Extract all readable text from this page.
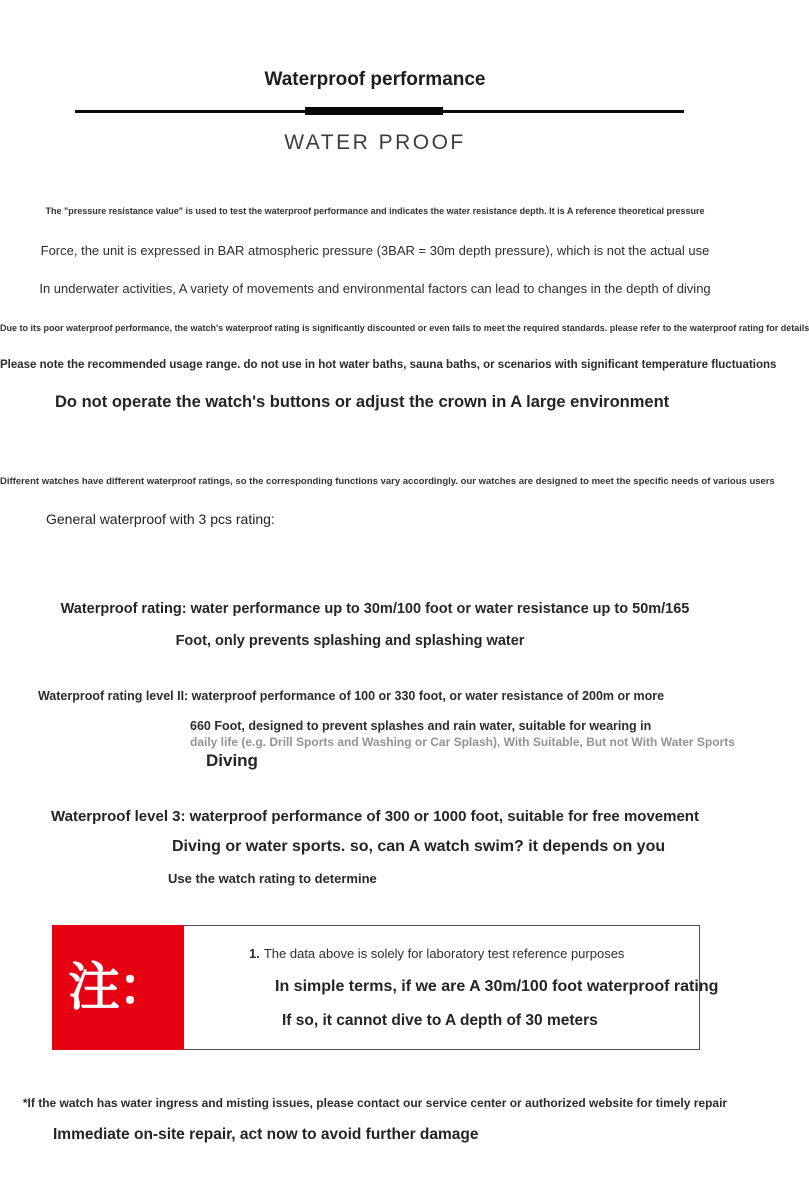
Waterproof performance
WATER PROOF
The "pressure resistance value" is used to test the waterproof performance and indicates the water resistance depth. It is A reference theoretical pressure
Force, the unit is expressed in BAR atmospheric pressure (3BAR = 30m depth pressure), which is not the actual use
In underwater activities, A variety of movements and environmental factors can lead to changes in the depth of diving
Due to its poor waterproof performance, the watch's waterproof rating is significantly discounted or even fails to meet the required standards. please refer to the waterproof rating for details
Please note the recommended usage range. do not use in hot water baths, sauna baths, or scenarios with significant temperature fluctuations
Do not operate the watch's buttons or adjust the crown in A large environment
Different watches have different waterproof ratings, so the corresponding functions vary accordingly. our watches are designed to meet the specific needs of various users
General waterproof with 3 pcs rating:
Waterproof rating: water performance up to 30m/100 foot or water resistance up to 50m/165
Foot, only prevents splashing and splashing water
Waterproof rating level II: waterproof performance of 100 or 330 foot, or water resistance of 200m or more
660 Foot, designed to prevent splashes and rain water, suitable for wearing in
daily life (e.g. Drill Sports and Washing or Car Splash), With Suitable, But not With Water Sports
Diving
Waterproof level 3: waterproof performance of 300 or 1000 foot, suitable for free movement
Diving or water sports. so, can A watch swim? it depends on you
Use the watch rating to determine
注：
1. The data above is solely for laboratory test reference purposes
In simple terms, if we are A 30m/100 foot waterproof rating
If so, it cannot dive to A depth of 30 meters
*If the watch has water ingress and misting issues, please contact our service center or authorized website for timely repair
Immediate on-site repair, act now to avoid further damage
